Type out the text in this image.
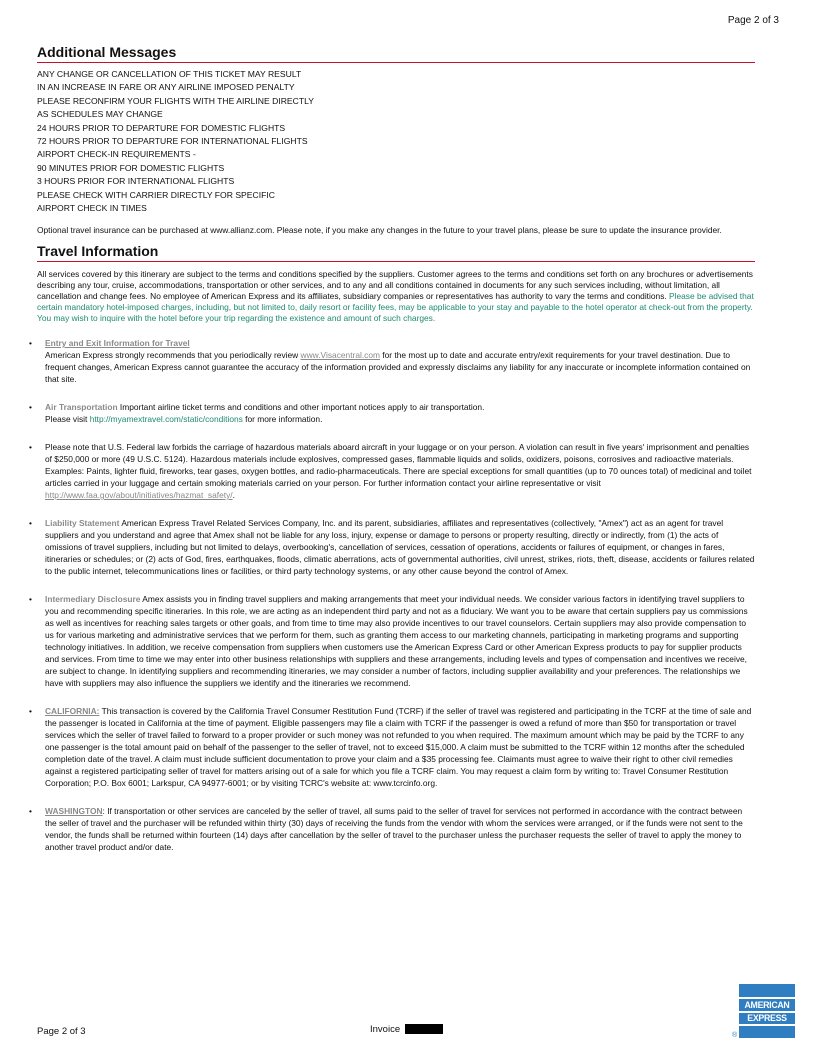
Page 2 of 3
Additional Messages
ANY CHANGE OR CANCELLATION OF THIS TICKET MAY RESULT
IN AN INCREASE IN FARE OR ANY AIRLINE IMPOSED PENALTY
PLEASE RECONFIRM YOUR FLIGHTS WITH THE AIRLINE DIRECTLY
AS SCHEDULES MAY CHANGE
24 HOURS PRIOR TO DEPARTURE FOR DOMESTIC FLIGHTS
72 HOURS PRIOR TO DEPARTURE FOR INTERNATIONAL FLIGHTS
AIRPORT CHECK-IN REQUIREMENTS -
90 MINUTES PRIOR FOR DOMESTIC FLIGHTS
3 HOURS PRIOR FOR INTERNATIONAL FLIGHTS
PLEASE CHECK WITH CARRIER DIRECTLY FOR SPECIFIC
AIRPORT CHECK IN TIMES

Optional travel insurance can be purchased at www.allianz.com. Please note, if you make any changes in the future to your travel plans, please be sure to update the insurance provider.

Travel Information

All services covered by this itinerary are subject to the terms and conditions specified by the suppliers. Customer agrees to the terms and conditions set forth on any brochures or advertisements describing any tour, cruise, accommodations, transportation or other services, and to any and all conditions contained in documents for any such services including, without limitation, all cancellation and change fees. No employee of American Express and its affiliates, subsidiary companies or representatives has authority to vary the terms and conditions. Please be advised that certain mandatory hotel-imposed charges, including, but not limited to, daily resort or facility fees, may be applicable to your stay and payable to the hotel operator at check-out from the property. You may wish to inquire with the hotel before your trip regarding the existence and amount of such charges.

• Entry and Exit Information for Travel
American Express strongly recommends that you periodically review www.Visacentral.com for the most up to date and accurate entry/exit requirements for your travel destination. Due to frequent changes, American Express cannot guarantee the accuracy of the information provided and expressly disclaims any liability for any inaccurate or incomplete information contained on that site.
• Air Transportation Important airline ticket terms and conditions and other important notices apply to air transportation.
Please visit http://myamextravel.com/static/conditions for more information.
• Please note that U.S. Federal law forbids the carriage of hazardous materials aboard aircraft in your luggage or on your person. A violation can result in five years' imprisonment and penalties of $250,000 or more (49 U.S.C. 5124). Hazardous materials include explosives, compressed gases, flammable liquids and solids, oxidizers, poisons, corrosives and radioactive materials. Examples: Paints, lighter fluid, fireworks, tear gases, oxygen bottles, and radio-pharmaceuticals. There are special exceptions for small quantities (up to 70 ounces total) of medicinal and toilet articles carried in your luggage and certain smoking materials carried on your person. For further information contact your airline representative or visit http://www.faa.gov/about/initiatives/hazmat_safety/.
• Liability Statement American Express Travel Related Services Company, Inc. and its parent, subsidiaries, affiliates and representatives (collectively, "Amex") act as an agent for travel suppliers and you understand and agree that Amex shall not be liable for any loss, injury, expense or damage to persons or property resulting, directly or indirectly, from (1) the acts of omissions of travel suppliers, including but not limited to delays, overbooking's, cancellation of services, cessation of operations, accidents or failures of equipment, or changes in fares, itineraries or schedules; or (2) acts of God, fires, earthquakes, floods, climatic aberrations, acts of governmental authorities, civil unrest, strikes, riots, theft, disease, accidents or failures related to the public internet, telecommunications lines or facilities, or third party technology systems, or any other cause beyond the control of Amex.
• Intermediary Disclosure Amex assists you in finding travel suppliers and making arrangements that meet your individual needs. We consider various factors in identifying travel suppliers to you and recommending specific itineraries. In this role, we are acting as an independent third party and not as a fiduciary. We want you to be aware that certain suppliers pay us commissions as well as incentives for reaching sales targets or other goals, and from time to time may also provide incentives to our travel counselors. Certain suppliers may also provide compensation to us for various marketing and administrative services that we perform for them, such as granting them access to our marketing channels, participating in marketing programs and supporting technology initiatives. In addition, we receive compensation from suppliers when customers use the American Express Card or other American Express products to pay for supplier products and services. From time to time we may enter into other business relationships with suppliers and these arrangements, including levels and types of compensation and incentives we receive, are subject to change. In identifying suppliers and recommending itineraries, we may consider a number of factors, including supplier availability and your preferences. The relationships we have with suppliers may also influence the suppliers we identify and the itineraries we recommend.
• CALIFORNIA: This transaction is covered by the California Travel Consumer Restitution Fund (TCRF) if the seller of travel was registered and participating in the TCRF at the time of sale and the passenger is located in California at the time of payment. Eligible passengers may file a claim with TCRF if the passenger is owed a refund of more than $50 for transportation or travel services which the seller of travel failed to forward to a proper provider or such money was not refunded to you when required. The maximum amount which may be paid by the TCRF to any one passenger is the total amount paid on behalf of the passenger to the seller of travel, not to exceed $15,000. A claim must be submitted to the TCRF within 12 months after the scheduled completion date of the travel. A claim must include sufficient documentation to prove your claim and a $35 processing fee. Claimants must agree to waive their right to other civil remedies against a registered participating seller of travel for matters arising out of a sale for which you file a TCRF claim. You may request a claim form by writing to: Travel Consumer Restitution Corporation; P.O. Box 6001; Larkspur, CA 94977-6001; or by visiting TCRC's website at: www.tcrcinfo.org.
• WASHINGTON: If transportation or other services are canceled by the seller of travel, all sums paid to the seller of travel for services not performed in accordance with the contract between the seller of travel and the purchaser will be refunded within thirty (30) days of receiving the funds from the vendor with whom the services were arranged, or if the funds were not sent to the vendor, the funds shall be returned within fourteen (14) days after cancellation by the seller of travel to the purchaser unless the purchaser requests the seller of travel to apply the money to another travel product and/or date.
Page 2 of 3	Invoice
AMERICAN
EXPRESS
®
